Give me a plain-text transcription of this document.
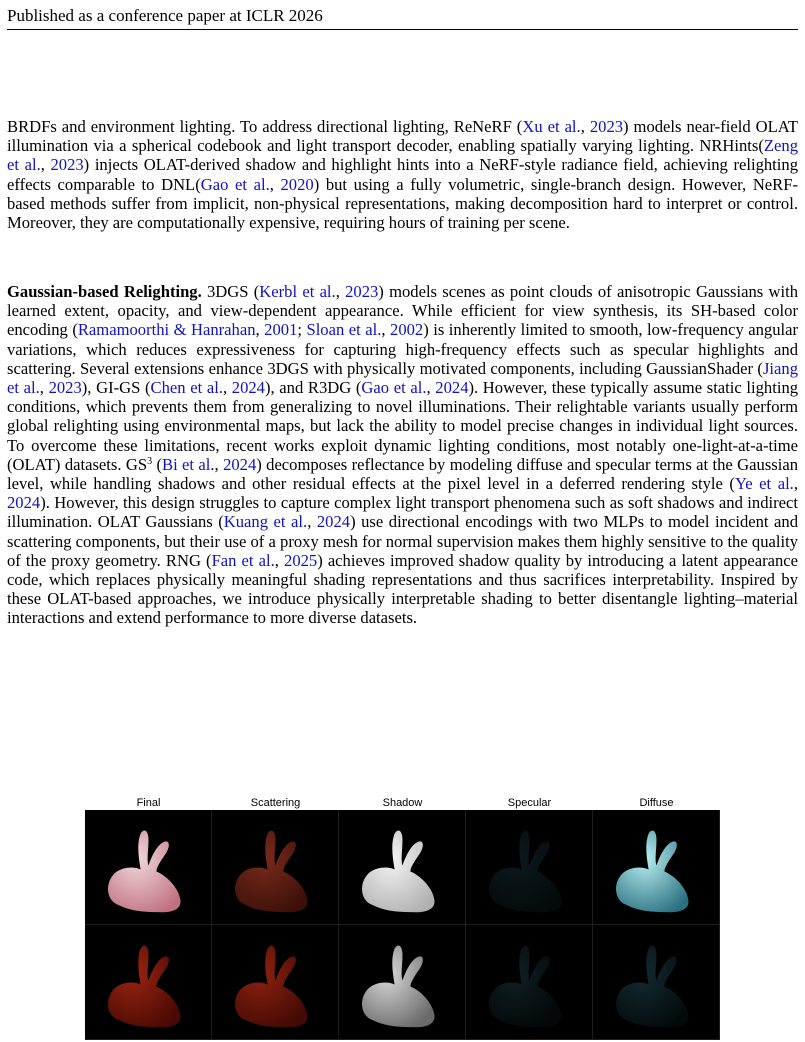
Published as a conference paper at ICLR 2026

BRDFs and environment lighting. To address directional lighting, ReNeRF (Xu et al., 2023) models near-field OLAT illumination via a spherical codebook and light transport decoder, enabling spatially varying lighting. NRHints(Zeng et al., 2023) injects OLAT-derived shadow and highlight hints into a NeRF-style radiance field, achieving relighting effects comparable to DNL(Gao et al., 2020) but using a fully volumetric, single-branch design. However, NeRF-based methods suffer from implicit, non-physical representations, making decomposition hard to interpret or control. Moreover, they are computationally expensive, requiring hours of training per scene.

Gaussian-based Relighting. 3DGS (Kerbl et al., 2023) models scenes as point clouds of anisotropic Gaussians with learned extent, opacity, and view-dependent appearance. While efficient for view synthesis, its SH-based color encoding (Ramamoorthi & Hanrahan, 2001; Sloan et al., 2002) is inherently limited to smooth, low-frequency angular variations, which reduces expressiveness for capturing high-frequency effects such as specular highlights and scattering. Several extensions enhance 3DGS with physically motivated components, including GaussianShader (Jiang et al., 2023), GI-GS (Chen et al., 2024), and R3DG (Gao et al., 2024). However, these typically assume static lighting conditions, which prevents them from generalizing to novel illuminations. Their relightable variants usually perform global relighting using environmental maps, but lack the ability to model precise changes in individual light sources. To overcome these limitations, recent works exploit dynamic lighting conditions, most notably one-light-at-a-time (OLAT) datasets. $GS^3$ (Bi et al., 2024) decomposes reflectance by modeling diffuse and specular terms at the Gaussian level, while handling shadows and other residual effects at the pixel level in a deferred rendering style (Ye et al., 2024). However, this design struggles to capture complex light transport phenomena such as soft shadows and indirect illumination. OLAT Gaussians (Kuang et al., 2024) use directional encodings with two MLPs to model incident and scattering components, but their use of a proxy mesh for normal supervision makes them highly sensitive to the quality of the proxy geometry. RNG (Fan et al., 2025) achieves improved shadow quality by introducing a latent appearance code, which replaces physically meaningful shading representations and thus sacrifices interpretability. Inspired by these OLAT-based approaches, we introduce physically interpretable shading to better disentangle lighting–material interactions and extend performance to more diverse datasets.

Final	Scattering	Shadow	Specular	Diffuse
